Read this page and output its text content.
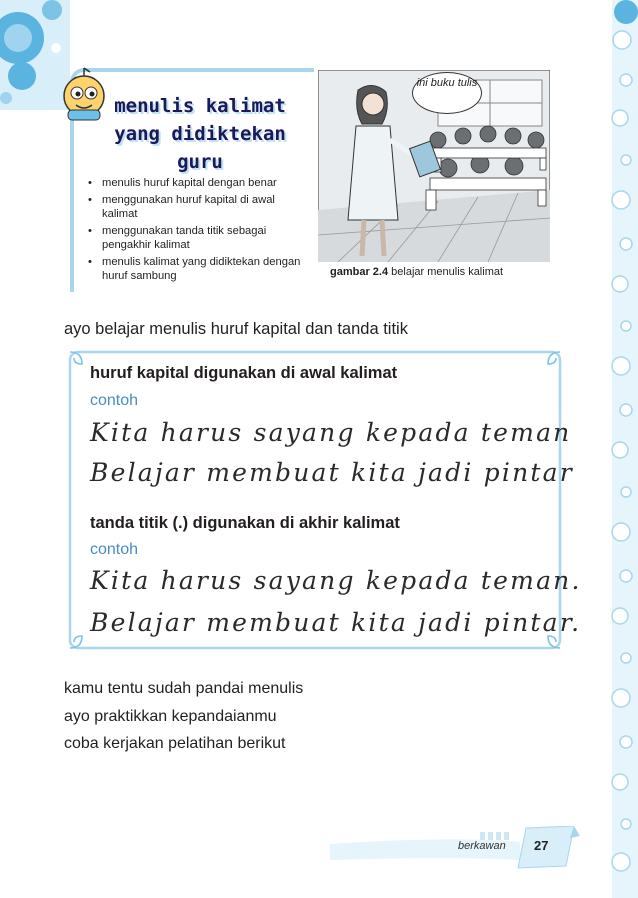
menulis kalimat
yang didiktekan
guru
• menulis huruf kapital dengan benar
• menggunakan huruf kapital di awal kalimat
• menggunakan tanda titik sebagai pengakhir kalimat
• menulis kalimat yang didiktekan dengan huruf sambung
ini buku tulis
gambar 2.4 belajar menulis kalimat
ayo belajar menulis huruf kapital dan tanda titik
huruf kapital digunakan di awal kalimat
contoh
Kita harus sayang kepada teman
Belajar membuat kita jadi pintar
tanda titik (.) digunakan di akhir kalimat
contoh
Kita harus sayang kepada teman.
Belajar membuat kita jadi pintar.
kamu tentu sudah pandai menulis
ayo praktikkan kepandaianmu
coba kerjakan pelatihan berikut
berkawan 27
